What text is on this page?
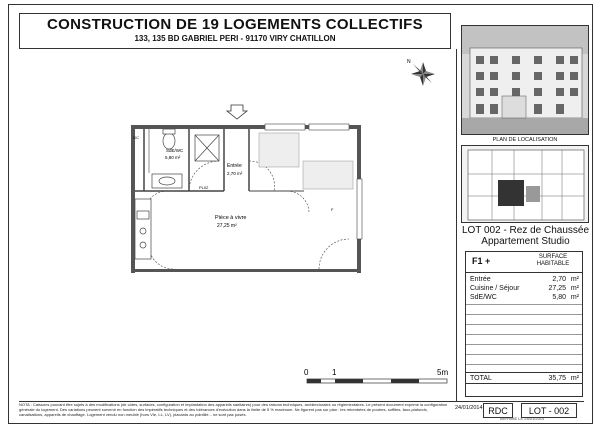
CONSTRUCTION DE 19 LOGEMENTS COLLECTIFS
133, 135 BD GABRIEL PERI - 91170 VIRY CHATILLON
N
SdE/WC
5,80 m²
Entrée
2,70 m²
Pièce à vivre
27,25 m²
PL02
F
GC
0	1	5m
PLAN DE LOCALISATION
LOT 002 - Rez de Chaussée
Appartement Studio
F1 +	SURFACE HABITABLE
Entrée	2,70 m²
Cuisine / Séjour	27,25 m²
SdE/WC	5,80 m²
TOTAL	35,75 m²
NOTA : Caissons pouvant être sujets à des modifications (de côtes, surfaces, configuration et implantation des appareils sanitaires) pour des raisons techniques, architecturales ou réglementaires. Le présent document exprime la configuration générale du logement. Des variations peuvent survenir en fonction des impératifs techniques et des tolérances d'exécution dans la limite de 5 % maximum. Ne figurent pas sur plan : les retombées de poutres, soffites, faux-plafonds, canalisations, appareils de chauffage. Logement vendu non meublé (hors VIe, LL, LV), placards au pointillé... ne sont pas posés.
24/01/2014 RDC	LOT - 002
IMPRIME LE 24/01/2014
